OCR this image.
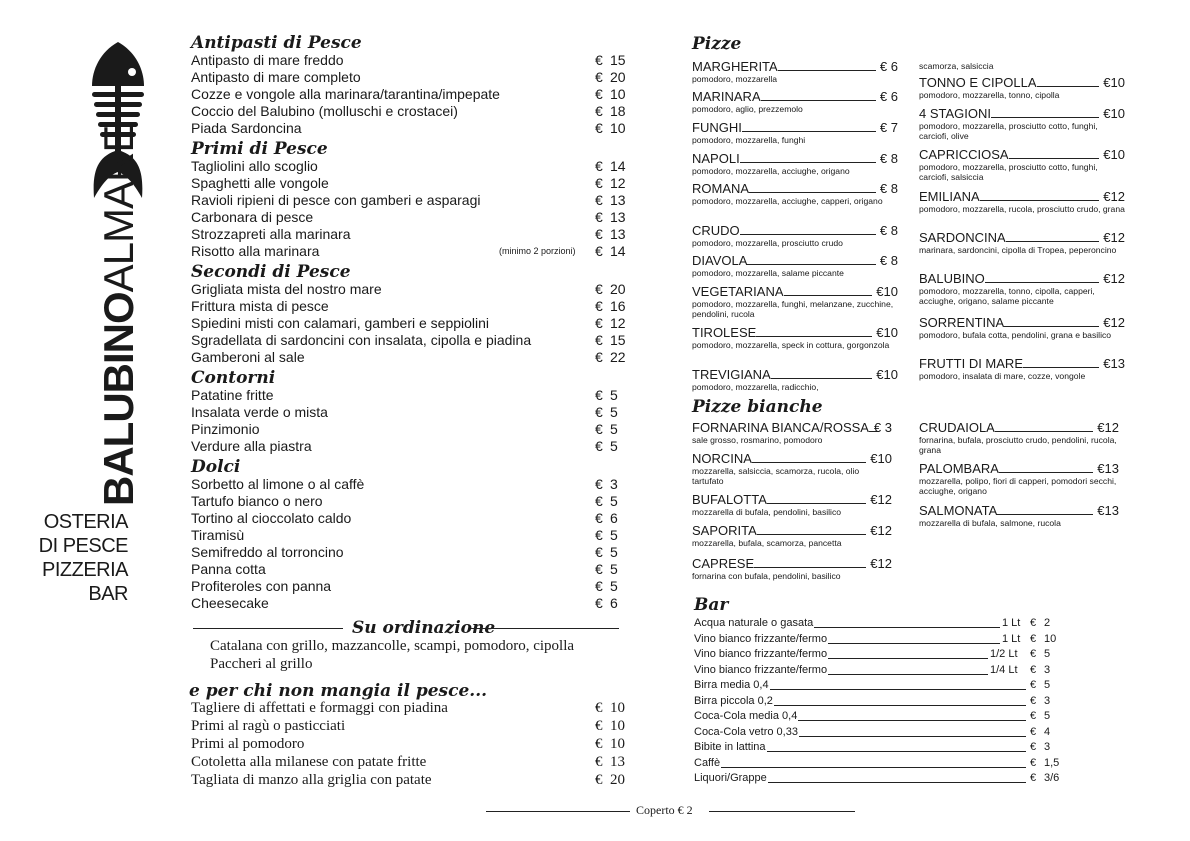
BALUBINOALMARE
OSTERIA
DI PESCE
PIZZERIA
BAR
Antipasti di Pesce
Antipasto di mare freddo	€ 15
Antipasto di mare completo	€ 20
Cozze e vongole alla marinara/tarantina/impepate	€ 10
Coccio del Balubino (molluschi e crostacei)	€ 18
Piada Sardoncina	€ 10
Primi di Pesce
Tagliolini allo scoglio	€ 14
Spaghetti alle vongole	€ 12
Ravioli ripieni di pesce con gamberi e asparagi	€ 13
Carbonara di pesce	€ 13
Strozzapreti alla marinara	€ 13
Risotto alla marinara	(minimo 2 porzioni) € 14
Secondi di Pesce
Grigliata mista del nostro mare	€ 20
Frittura mista di pesce	€ 16
Spiedini misti con calamari, gamberi e seppiolini	€ 12
Sgradellata di sardoncini con insalata, cipolla e piadina	€ 15
Gamberoni al sale	€ 22
Contorni
Patatine fritte	€ 5
Insalata verde o mista	€ 5
Pinzimonio	€ 5
Verdure alla piastra	€ 5
Dolci
Sorbetto al limone o al caffè	€ 3
Tartufo bianco o nero	€ 5
Tortino al cioccolato caldo	€ 6
Tiramisù	€ 5
Semifreddo al torroncino	€ 5
Panna cotta	€ 5
Profiteroles con panna	€ 5
Cheesecake	€ 6
Su ordinazione
Catalana con grillo, mazzancolle, scampi, pomodoro, cipolla
Paccheri al grillo
e per chi non mangia il pesce...
Tagliere di affettati e formaggi con piadina	€ 10
Primi al ragù o pasticciati	€ 10
Primi al pomodoro	€ 10
Cotoletta alla milanese con patate fritte	€ 13
Tagliata di manzo alla griglia con patate	€ 20
Pizze
MARGHERITA	€ 6
pomodoro, mozzarella
MARINARA	€ 6
pomodoro, aglio, prezzemolo
FUNGHI	€ 7
pomodoro, mozzarella, funghi
NAPOLI	€ 8
pomodoro, mozzarella, acciughe, origano
ROMANA	€ 8
pomodoro, mozzarella, acciughe, capperi, origano
CRUDO	€ 8
pomodoro, mozzarella, prosciutto crudo
DIAVOLA	€ 8
pomodoro, mozzarella, salame piccante
VEGETARIANA	€10
pomodoro, mozzarella, funghi, melanzane, zucchine, pendolini, rucola
TIROLESE	€10
pomodoro, mozzarella, speck in cottura, gorgonzola
TREVIGIANA	€10
pomodoro, mozzarella, radicchio,
scamorza, salsiccia
TONNO E CIPOLLA	€10
pomodoro, mozzarella, tonno, cipolla
4 STAGIONI	€10
pomodoro, mozzarella, prosciutto cotto, funghi, carciofi, olive
CAPRICCIOSA	€10
pomodoro, mozzarella, prosciutto cotto, funghi, carciofi, salsiccia
EMILIANA	€12
pomodoro, mozzarella, rucola, prosciutto crudo, grana
SARDONCINA	€12
marinara, sardoncini, cipolla di Tropea, peperoncino
BALUBINO	€12
pomodoro, mozzarella, tonno, cipolla, capperi, acciughe, origano, salame piccante
SORRENTINA	€12
pomodoro, bufala cotta, pendolini, grana e basilico
FRUTTI DI MARE	€13
pomodoro, insalata di mare, cozze, vongole
Pizze bianche
FORNARINA BIANCA/ROSSA € 3
sale grosso, rosmarino, pomodoro
NORCINA	€10
mozzarella, salsiccia, scamorza, rucola, olio tartufato
BUFALOTTA	€12
mozzarella di bufala, pendolini, basilico
SAPORITA	€12
mozzarella, bufala, scamorza, pancetta
CAPRESE	€12
fornarina con bufala, pendolini, basilico
CRUDAIOLA	€12
fornarina, bufala, prosciutto crudo, pendolini, rucola, grana
PALOMBARA	€13
mozzarella, polipo, fiori di capperi, pomodori secchi, acciughe, origano
SALMONATA	€13
mozzarella di bufala, salmone, rucola
Bar
Acqua naturale o gasata	1 Lt € 2
Vino bianco frizzante/fermo	1 Lt € 10
Vino bianco frizzante/fermo	1/2 Lt € 5
Vino bianco frizzante/fermo	1/4 Lt € 3
Birra media 0,4	€ 5
Birra piccola 0,2	€ 3
Coca-Cola media 0,4	€ 5
Coca-Cola vetro 0,33	€ 4
Bibite in lattina	€ 3
Caffè	€ 1,5
Liquori/Grappe	€ 3/6
Coperto € 2
